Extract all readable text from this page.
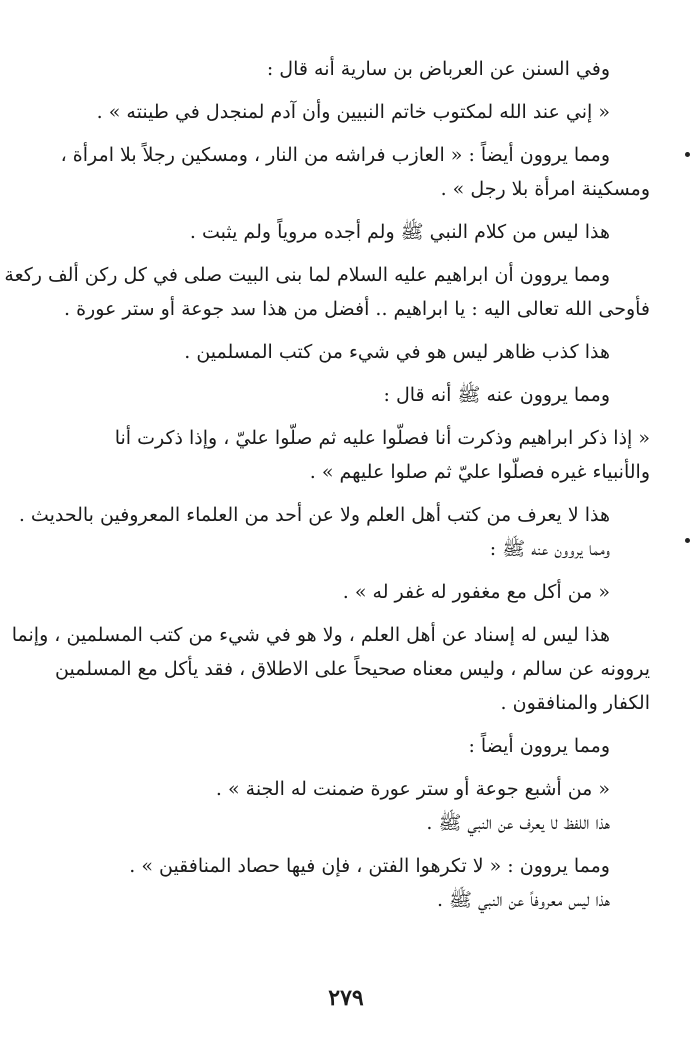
وفي السنن عن العرباض بن سارية أنه قال :

« إني عند الله لمكتوب خاتم النبيين وأن آدم لمنجدل في طينته » .

ومما يروون أيضاً : « العازب فراشه من النار ، ومسكين رجلاً بلا امرأة ،

ومسكينة امرأة بلا رجل » .

هذا ليس من كلام النبي ﷺ ولم أجده مروياً ولم يثبت .

ومما يروون أن ابراهيم عليه السلام لما بنى البيت صلى في كل ركن ألف ركعة

فأوحى الله تعالى اليه : يا ابراهيم .. أفضل من هذا سد جوعة أو ستر عورة .

هذا كذب ظاهر ليس هو في شيء من كتب المسلمين .

ومما يروون عنه ﷺ أنه قال :

« إذا ذكر ابراهيم وذكرت أنا فصلّوا عليه ثم صلّوا عليّ ، وإذا ذكرت أنا

والأنبياء غيره فصلّوا عليّ ثم صلوا عليهم » .

هذا لا يعرف من كتب أهل العلم ولا عن أحد من العلماء المعروفين بالحديث .

ومما يروون عنه ﷺ :

« من أكل مع مغفور له غفر له » .

هذا ليس له إسناد عن أهل العلم ، ولا هو في شيء من كتب المسلمين ، وإنما

يروونه عن سالم ، وليس معناه صحيحاً على الاطلاق ، فقد يأكل مع المسلمين

الكفار والمنافقون .

ومما يروون أيضاً :

« من أشبع جوعة أو ستر عورة ضمنت له الجنة » .

هذا اللفظ لا يعرف عن النبي ﷺ .

ومما يروون : « لا تكرهوا الفتن ، فإن فيها حصاد المنافقين » .

هذا ليس معروفاً عن النبي ﷺ .

٢٧٩
